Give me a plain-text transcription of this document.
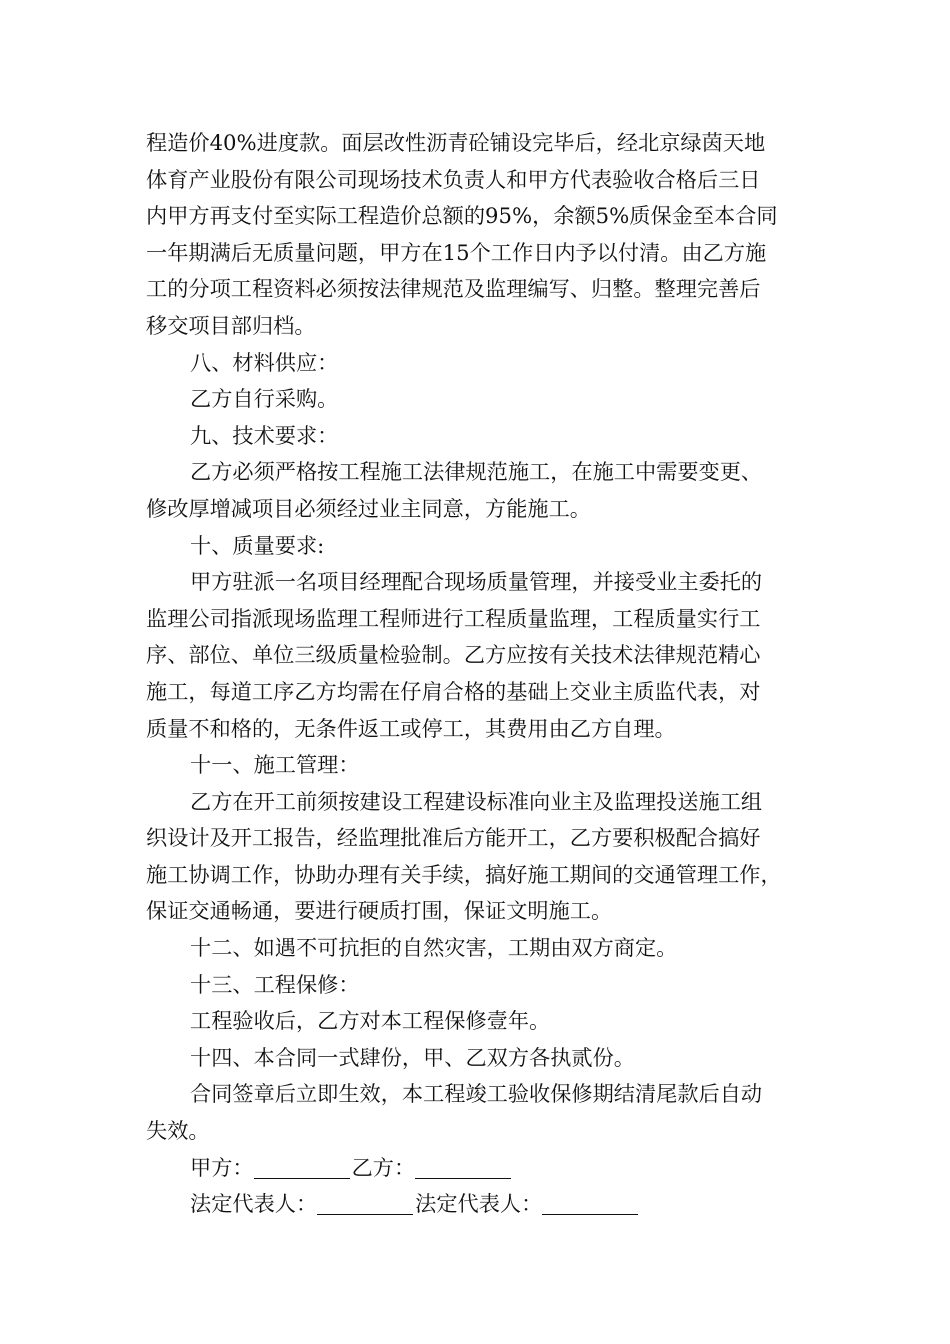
程造价40%进度款。面层改性沥青砼铺设完毕后，经北京绿茵天地
体育产业股份有限公司现场技术负责人和甲方代表验收合格后三日
内甲方再支付至实际工程造价总额的95%，余额5%质保金至本合同
一年期满后无质量问题，甲方在15个工作日内予以付清。由乙方施
工的分项工程资料必须按法律规范及监理编写、归整。整理完善后
移交项目部归档。

八、材料供应：

乙方自行采购。

九、技术要求：

乙方必须严格按工程施工法律规范施工，在施工中需要变更、
修改厚增减项目必须经过业主同意，方能施工。

十、质量要求:

甲方驻派一名项目经理配合现场质量管理，并接受业主委托的
监理公司指派现场监理工程师进行工程质量监理，工程质量实行工
序、部位、单位三级质量检验制。乙方应按有关技术法律规范精心
施工，每道工序乙方均需在仔肩合格的基础上交业主质监代表，对
质量不和格的，无条件返工或停工，其费用由乙方自理。

十一、施工管理：

乙方在开工前须按建设工程建设标准向业主及监理投送施工组
织设计及开工报告，经监理批准后方能开工，乙方要积极配合搞好
施工协调工作，协助办理有关手续，搞好施工期间的交通管理工作，
保证交通畅通，要进行硬质打围，保证文明施工。

十二、如遇不可抗拒的自然灾害，工期由双方商定。

十三、工程保修：

工程验收后，乙方对本工程保修壹年。

十四、本合同一式肆份，甲、乙双方各执贰份。

合同签章后立即生效，本工程竣工验收保修期结清尾款后自动
失效。

甲方：	乙方：
法定代表人：	法定代表人：
